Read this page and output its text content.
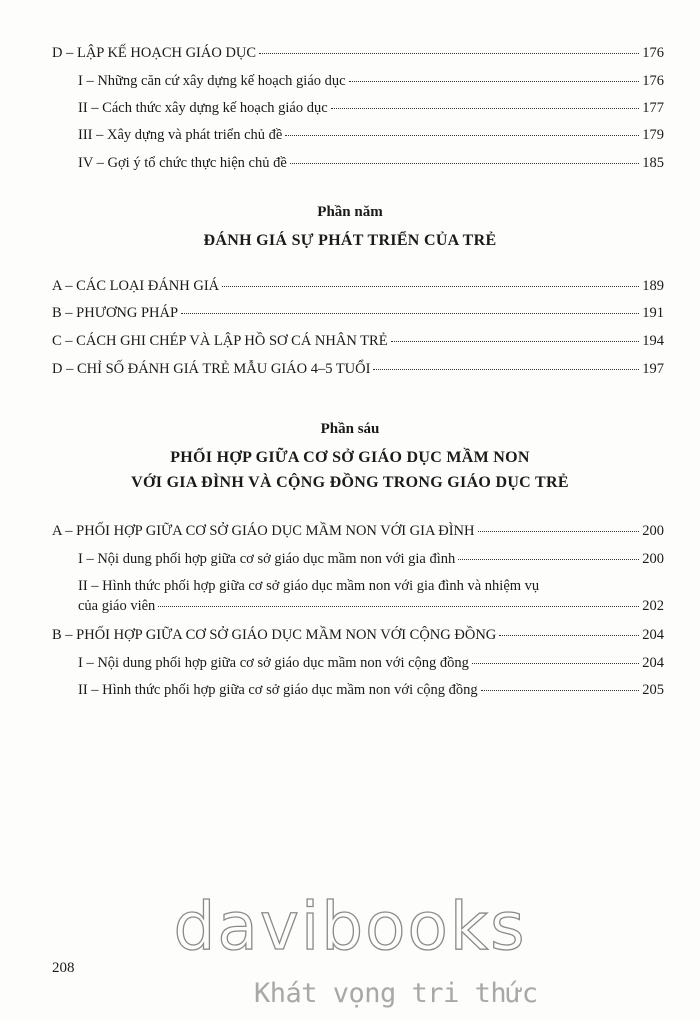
D – LẬP KẾ HOẠCH GIÁO DỤC	176
I – Những căn cứ xây dựng kế hoạch giáo dục	176
II – Cách thức xây dựng kế hoạch giáo dục	177
III – Xây dựng và phát triển chủ đề	179
IV – Gợi ý tổ chức thực hiện chủ đề	185
Phần năm
ĐÁNH GIÁ SỰ PHÁT TRIỂN CỦA TRẺ
A – CÁC LOẠI ĐÁNH GIÁ	189
B – PHƯƠNG PHÁP	191
C – CÁCH GHI CHÉP VÀ LẬP HỒ SƠ CÁ NHÂN TRẺ	194
D – CHỈ SỐ ĐÁNH GIÁ TRẺ MẪU GIÁO 4–5 TUỔI	197
Phần sáu
PHỐI HỢP GIỮA CƠ SỞ GIÁO DỤC MẦM NON
VỚI GIA ĐÌNH VÀ CỘNG ĐỒNG TRONG GIÁO DỤC TRẺ
A – PHỐI HỢP GIỮA CƠ SỞ GIÁO DỤC MẦM NON VỚI GIA ĐÌNH	200
I – Nội dung phối hợp giữa cơ sở giáo dục mầm non với gia đình	200
II – Hình thức phối hợp giữa cơ sở giáo dục mầm non với gia đình và nhiệm vụ
của giáo viên	202
B – PHỐI HỢP GIỮA CƠ SỞ GIÁO DỤC MẦM NON VỚI CỘNG ĐỒNG	204
I – Nội dung phối hợp giữa cơ sở giáo dục mầm non với cộng đồng	204
II – Hình thức phối hợp giữa cơ sở giáo dục mầm non với cộng đồng	205
davibooks
Khát vọng tri thức
208
